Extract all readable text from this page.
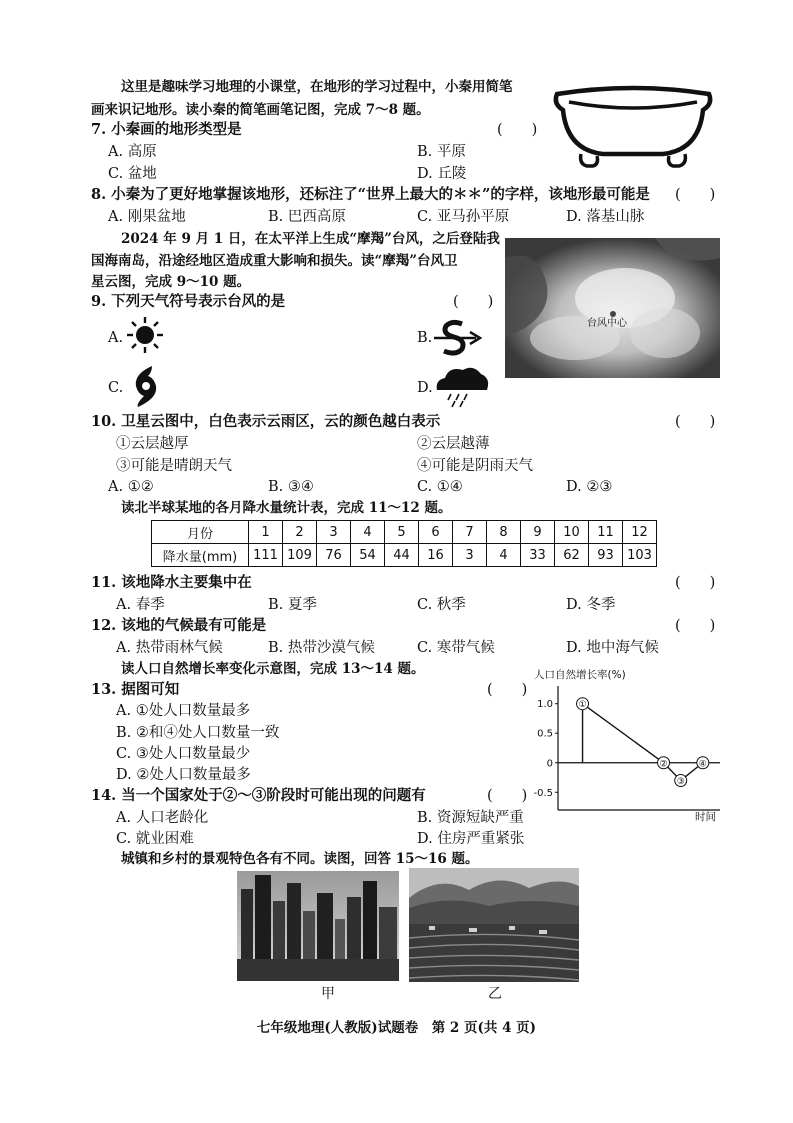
这里是趣味学习地理的小课堂，在地形的学习过程中，小秦用简笔
画来识记地形。读小秦的简笔画笔记图，完成 7～8 题。
7. 小秦画的地形类型是	(　　)
A. 高原	B. 平原
C. 盆地	D. 丘陵
8. 小秦为了更好地掌握该地形，还标注了“世界上最大的＊＊”的字样，该地形最可能是 (　　)
A. 刚果盆地	B. 巴西高原	C. 亚马孙平原	D. 落基山脉
2024 年 9 月 1 日，在太平洋上生成“摩羯”台风，之后登陆我
国海南岛，沿途经地区造成重大影响和损失。读“摩羯”台风卫
星云图，完成 9～10 题。
台风中心
9. 下列天气符号表示台风的是	(　　)
A.	B.
C.	D.
10. 卫星云图中，白色表示云雨区，云的颜色越白表示	(　　)
①云层越厚	②云层越薄
③可能是晴朗天气	④可能是阴雨天气
A. ①②	B. ③④	C. ①④	D. ②③
读北半球某地的各月降水量统计表，完成 11～12 题。
月份	1	2	3	4	5	6	7	8	9	10	11	12
降水量(mm)	111	109	76	54	44	16	3	4	33	62	93	103
11. 该地降水主要集中在	(　　)
A. 春季	B. 夏季	C. 秋季	D. 冬季
12. 该地的气候最有可能是	(　　)
A. 热带雨林气候	B. 热带沙漠气候	C. 寒带气候	D. 地中海气候
读人口自然增长率变化示意图，完成 13～14 题。	人口自然增长率(%)
1.0
0.5
0
-0.5
①
②
③
④
时间
13. 据图可知	(　　)
A. ①处人口数量最多
B. ②和④处人口数量一致
C. ③处人口数量最少
D. ②处人口数量最多
14. 当一个国家处于②～③阶段时可能出现的问题有	(　　)
A. 人口老龄化	B. 资源短缺严重
C. 就业困难	D. 住房严重紧张
城镇和乡村的景观特色各有不同。读图，回答 15～16 题。
甲	乙
七年级地理(人教版)试题卷　第 2 页(共 4 页)
